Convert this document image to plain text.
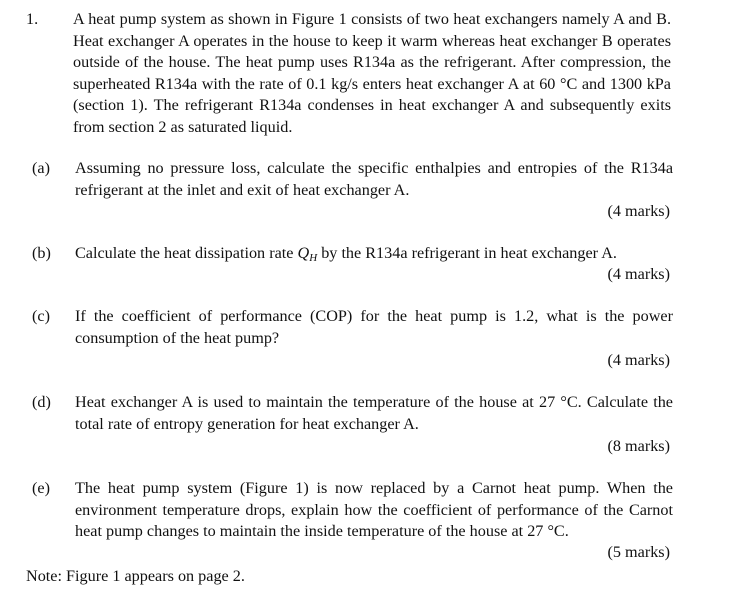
1. A heat pump system as shown in Figure 1 consists of two heat exchangers namely A and B. Heat exchanger A operates in the house to keep it warm whereas heat exchanger B operates outside of the house. The heat pump uses R134a as the refrigerant. After compression, the superheated R134a with the rate of 0.1 kg/s enters heat exchanger A at 60 °C and 1300 kPa (section 1). The refrigerant R134a condenses in heat exchanger A and subsequently exits from section 2 as saturated liquid.
(a) Assuming no pressure loss, calculate the specific enthalpies and entropies of the R134a refrigerant at the inlet and exit of heat exchanger A.
(4 marks)
(b) Calculate the heat dissipation rate $Q_H$ by the R134a refrigerant in heat exchanger A.
(4 marks)
(c) If the coefficient of performance (COP) for the heat pump is 1.2, what is the power consumption of the heat pump?
(4 marks)
(d) Heat exchanger A is used to maintain the temperature of the house at 27 °C. Calculate the total rate of entropy generation for heat exchanger A.
(8 marks)
(e) The heat pump system (Figure 1) is now replaced by a Carnot heat pump. When the environment temperature drops, explain how the coefficient of performance of the Carnot heat pump changes to maintain the inside temperature of the house at 27 °C.
(5 marks)
Note: Figure 1 appears on page 2.
